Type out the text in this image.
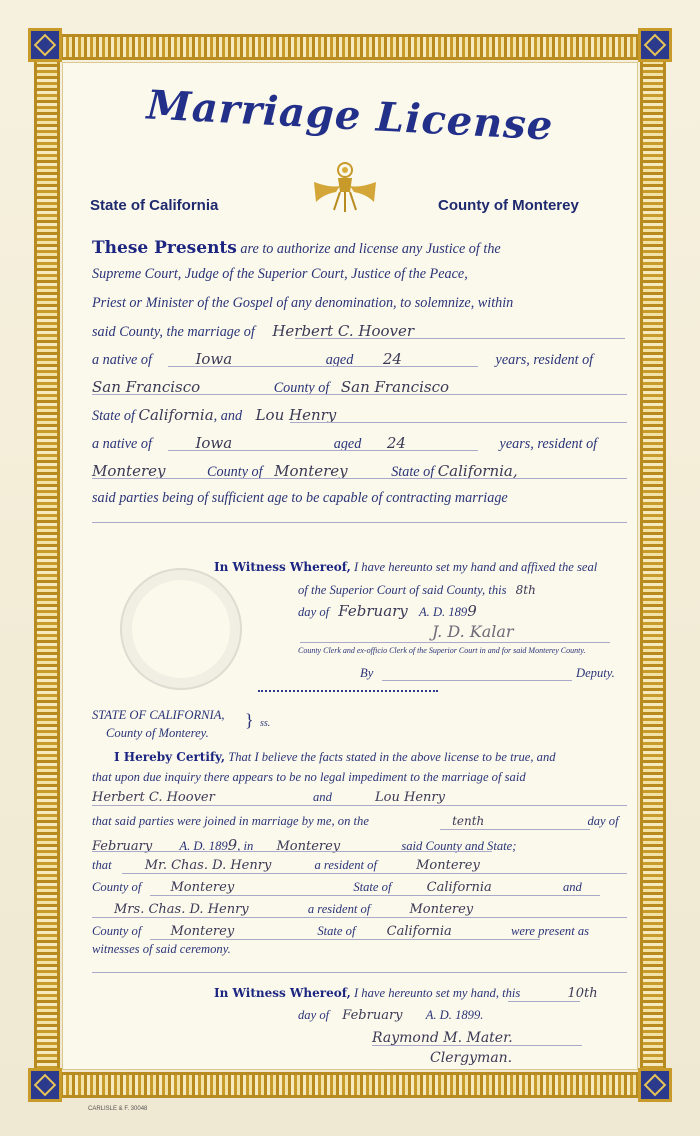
Marriage License
State of California	County of Monterey
These Presents are to authorize and license any Justice of the
Supreme Court, Judge of the Superior Court, Justice of the Peace,
Priest or Minister of the Gospel of any denomination, to solemnize, within
said County, the marriage of Herbert C. Hoover
a native of	Iowa	aged 24	years, resident of
San Francisco	County of San Francisco
State of California, and Lou Henry
a native of	Iowa	aged 24	years, resident of
Monterey	County of Monterey	State of California,
said parties being of sufficient age to be capable of contracting marriage
In Witness Whereof, I have hereunto set my hand and affixed the seal
of the Superior Court of said County, this 8th
day of February A. D. 1899
J. D. Kalar
County Clerk and ex-officio Clerk of the Superior Court in and for said Monterey County.
By	Deputy.
STATE OF CALIFORNIA, } ss.
County of Monterey.
I Hereby Certify, That I believe the facts stated in the above license to be true, and
that upon due inquiry there appears to be no legal impediment to the marriage of said
Herbert C. Hoover	and	Lou Henry
that said parties were joined in marriage by me, on the	tenth	day of
February A. D. 1899, in Monterey	said County and State;
that	Mr. Chas. D. Henry	a resident of	Monterey
County of Monterey	State of	California	and
Mrs. Chas. D. Henry	a resident of	Monterey
County of Monterey	State of California	were present as
witnesses of said ceremony.
In Witness Whereof, I have hereunto set my hand, this	10th
day of February A. D. 1899.
Raymond M. Mater.
Clergyman.
CARLISLE & F. 30048
